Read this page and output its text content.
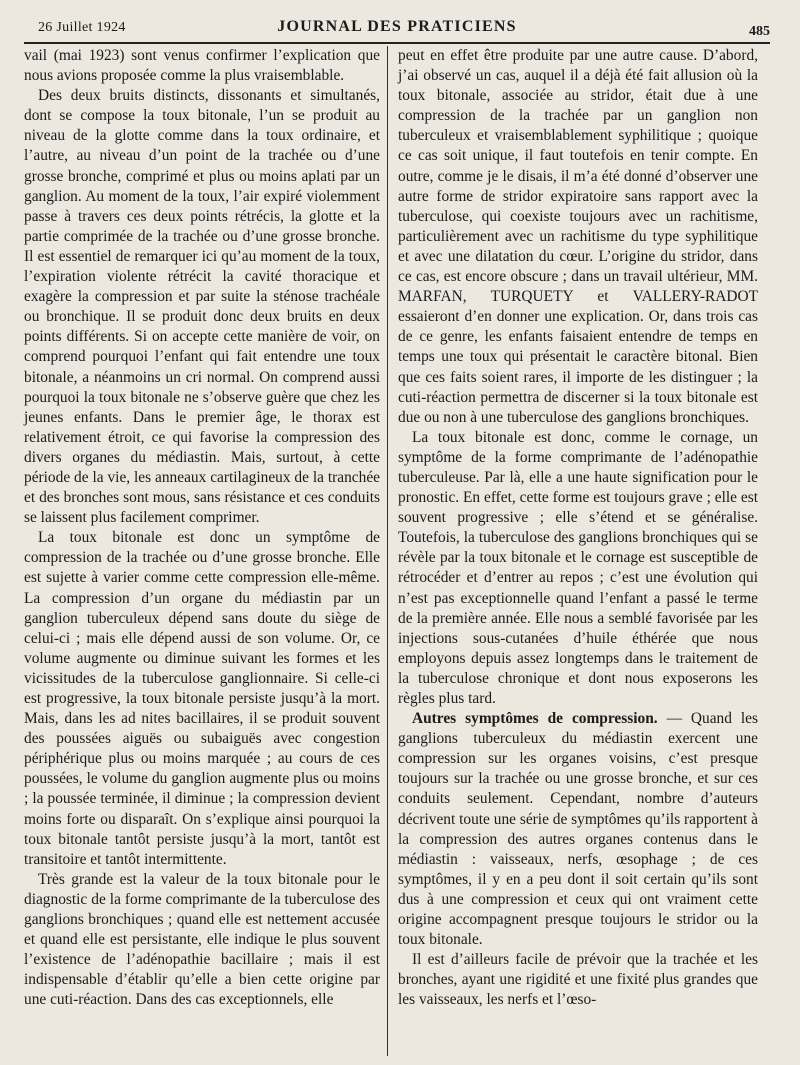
26 Juillet 1924	JOURNAL DES PRATICIENS	485

vail (mai 1923) sont venus confirmer l’explication que nous avions proposée comme la plus vraisemblable.

Des deux bruits distincts, dissonants et simultanés, dont se compose la toux bitonale, l’un se produit au niveau de la glotte comme dans la toux ordinaire, et l’autre, au niveau d’un point de la trachée ou d’une grosse bronche, comprimé et plus ou moins aplati par un ganglion. Au moment de la toux, l’air expiré violemment passe à travers ces deux points rétrécis, la glotte et la partie comprimée de la trachée ou d’une grosse bronche. Il est essentiel de remarquer ici qu’au moment de la toux, l’expiration violente rétrécit la cavité thoracique et exagère la compression et par suite la sténose trachéale ou bronchique. Il se produit donc deux bruits en deux points différents. Si on accepte cette manière de voir, on comprend pourquoi l’enfant qui fait entendre une toux bitonale, a néanmoins un cri normal. On comprend aussi pourquoi la toux bitonale ne s’observe guère que chez les jeunes enfants. Dans le premier âge, le thorax est relativement étroit, ce qui favorise la compression des divers organes du médiastin. Mais, surtout, à cette période de la vie, les anneaux cartilagineux de la tranchée et des bronches sont mous, sans résistance et ces conduits se laissent plus facilement comprimer.

La toux bitonale est donc un symptôme de compression de la trachée ou d’une grosse bronche. Elle est sujette à varier comme cette compression elle-même. La compression d’un organe du médiastin par un ganglion tuberculeux dépend sans doute du siège de celui-ci ; mais elle dépend aussi de son volume. Or, ce volume augmente ou diminue suivant les formes et les vicissitudes de la tuberculose ganglionnaire. Si celle-ci est progressive, la toux bitonale persiste jusqu’à la mort. Mais, dans les ad nites bacillaires, il se produit souvent des poussées aiguës ou subaiguës avec congestion périphérique plus ou moins marquée ; au cours de ces poussées, le volume du ganglion augmente plus ou moins ; la poussée terminée, il diminue ; la compression devient moins forte ou disparaît. On s’explique ainsi pourquoi la toux bitonale tantôt persiste jusqu’à la mort, tantôt est transitoire et tantôt intermittente.

Très grande est la valeur de la toux bitonale pour le diagnostic de la forme comprimante de la tuberculose des ganglions bronchiques ; quand elle est nettement accusée et quand elle est persistante, elle indique le plus souvent l’existence de l’adénopathie bacillaire ; mais il est indispensable d’établir qu’elle a bien cette origine par une cuti-réaction. Dans des cas exceptionnels, elle

peut en effet être produite par une autre cause. D’abord, j’ai observé un cas, auquel il a déjà été fait allusion où la toux bitonale, associée au stridor, était due à une compression de la trachée par un ganglion non tuberculeux et vraisemblablement syphilitique ; quoique ce cas soit unique, il faut toutefois en tenir compte. En outre, comme je le disais, il m’a été donné d’observer une autre forme de stridor expiratoire sans rapport avec la tuberculose, qui coexiste toujours avec un rachitisme, particulièrement avec un rachitisme du type syphilitique et avec une dilatation du cœur. L’origine du stridor, dans ce cas, est encore obscure ; dans un travail ultérieur, MM. MARFAN, TURQUETY et VALLERY-RADOT essaieront d’en donner une explication. Or, dans trois cas de ce genre, les enfants faisaient entendre de temps en temps une toux qui présentait le caractère bitonal. Bien que ces faits soient rares, il importe de les distinguer ; la cuti-réaction permettra de discerner si la toux bitonale est due ou non à une tuberculose des ganglions bronchiques.

La toux bitonale est donc, comme le cornage, un symptôme de la forme comprimante de l’adénopathie tuberculeuse. Par là, elle a une haute signification pour le pronostic. En effet, cette forme est toujours grave ; elle est souvent progressive ; elle s’étend et se généralise. Toutefois, la tuberculose des ganglions bronchiques qui se révèle par la toux bitonale et le cornage est susceptible de rétrocéder et d’entrer au repos ; c’est une évolution qui n’est pas exceptionnelle quand l’enfant a passé le terme de la première année. Elle nous a semblé favorisée par les injections sous-cutanées d’huile éthérée que nous employons depuis assez longtemps dans le traitement de la tuberculose chronique et dont nous exposerons les règles plus tard.

Autres symptômes de compression. — Quand les ganglions tuberculeux du médiastin exercent une compression sur les organes voisins, c’est presque toujours sur la trachée ou une grosse bronche, et sur ces conduits seulement. Cependant, nombre d’auteurs décrivent toute une série de symptômes qu’ils rapportent à la compression des autres organes contenus dans le médiastin : vaisseaux, nerfs, œsophage ; de ces symptômes, il y en a peu dont il soit certain qu’ils sont dus à une compression et ceux qui ont vraiment cette origine accompagnent presque toujours le stridor ou la toux bitonale.

Il est d’ailleurs facile de prévoir que la trachée et les bronches, ayant une rigidité et une fixité plus grandes que les vaisseaux, les nerfs et l’œso-
